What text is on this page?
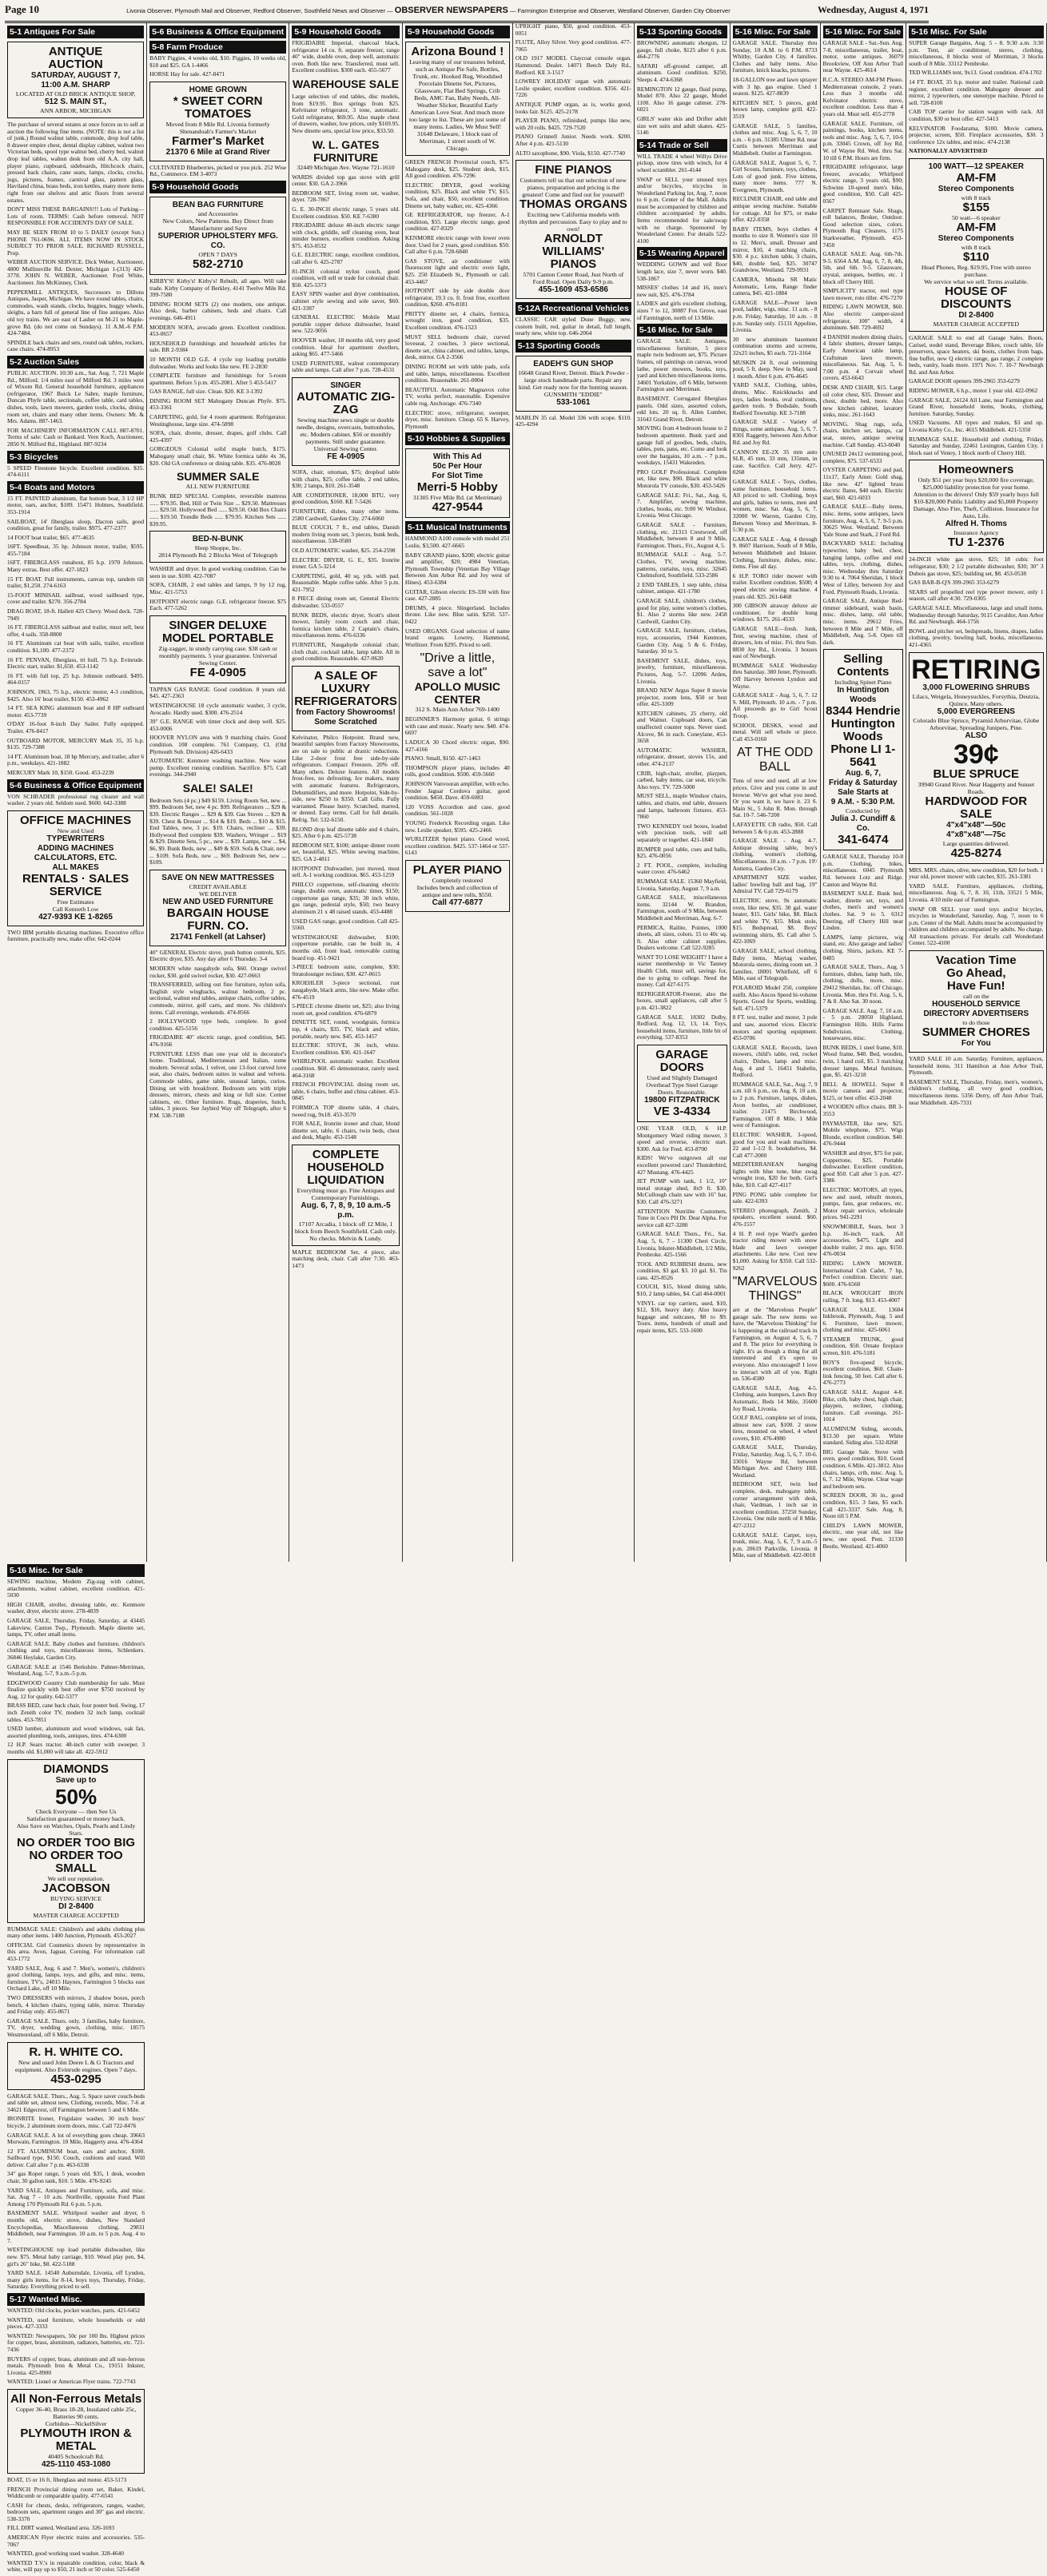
Page 10	Livonia Observer, Plymouth Mail and Observer, Redford Observer, Southfield News and Observer — OBSERVER NEWSPAPERS — Farmington Enterprise and Observer, Westland Observer, Garden City Observer	Wednesday, August 4, 1971
5-1 Antiques For Sale
ANTIQUE
AUCTION
SATURDAY, AUGUST 7,
11:00 A.M. SHARP
LOCATED AT OLD BRICK ANTIQUE SHOP,
512 S. MAIN ST.,
ANN ARBOR, MICHIGAN

The purchase of several estates at once forces us to sell at auction the following fine items. (NOTE: this is not a list of junk.) Round walnut table, commode, drop leaf table, 8 drawer empire chest, dental display cabinet, walnut two Victorian beds, spool type walnut bed, cherry bed, walnut drop leaf tables, walnut desk from old A.A. city hall, player piano, cupboard, sideboards, Hitchcock chairs, pressed back chairs, cane seats, lamps, clocks, crocks, jugs, pictures, frames, carnival glass, pattern glass, Haviland china, brass beds, iron kettles, many more items right from our shelves and attic floors from several estates.

DON'T MISS THESE BARGAINS!!! Lots of Parking—Lots of room. TERMS: Cash before removal. NOT RESPONSIBLE FOR ACCIDENTS DAY OF SALE.

MAY BE SEEN FROM 10 to 5 DAILY (except Sun.) PHONE 761-0696. ALL ITEMS NOW IN STOCK SUBJECT TO PRIOR SALE. RICHARD RUSSELL, Prop.

WEBER AUCTION SERVICE. Dick Weber, Auctioneer, 4800 Mullinsville Rd. Dexter, Michigan 1-(313) 426-3778. JOHN N. WEBER, Auctioneer. Fred White, Auctioneer. Jim McKinney, Clerk.

PEPPERMILL ANTIQUES, Successors to Dillons Antiques, Jasper, Michigan. We have round tables, chairs, commodes, wash stands, clocks, buggies, buggy wheels, sleighs, a barn full of general line of fine antiques. Also old toy trains. We are east of Lasher on M-21 to Maple-grove Rd. (do not come on Sundays). 11 A.M.-6 P.M. 424-7484.

SPINDLE back chairs and sets, round oak tables, rockers, cane chairs. 474-8953

5-2 Auction Sales

PUBLIC AUCTION. 10:30 a.m., Sat. Aug. 7, 721 Maple Rd., Milford. 1/4 miles east of Milford Rd. 3 miles west of Wixom Rd. General household furniture, appliances (refrigerator, 1967 Buick Le Sabre, maple furniture, Duncan Phyfe table, sectionals, coffee table, card tables, dishes, tools, lawn mowers, garden tools, clocks, dining room set, chairs and many other items. Owners: Mr. & Mrs. Adams. 887-1463.

FOR MACHINERY INFORMATION CALL 887-8701. Terms of sale: Cash or Bankard. Vern Koch, Auctioneer, 2850 N. Milford Rd., Highland. 887-9234

5-3 Bicycles

5 SPEED Firestone bicycle. Excellent condition. $35. 474-6111

5-4 Boats and Motors

15 FT. PAINTED aluminum, flat bottom boat, 3 1/2 HP motor, oars, anchor, $189. 15471 Holmes, Southfield. 353-1914

SAILBOAT, 14' fiberglass sloop, Dacron sails, good condition, great for family, trailer. $975. 477-2377

14 FOOT boat trailer, $65. 477-4635

16FT. Speedboat, 35 hp. Johnson motor, trailer, $595. 455-7184

16FT. FIBERGLASS runabout, 85 h.p. 1970 Johnson. Many extras. Best offer. 427-1823

15 FT. BOAT. Full instruments, canvas top, tandem tilt trailer, $1,250. 274-6163

15-FOOT MINISAIL sailboat, wood sailboard type, cover and trailer. $270. 356-2784

DRAG BOAT, 18-ft. Hallett 425 Chevy. Wood deck. 728-7949

16 FT. FIBERGLASS sailboat and trailer, must sell, best offer, 4 sails. 358-8800

16 FT. Aluminum cat boat with sails, trailer, excellent condition. $1,100. 477-2372

16 FT. PENVAN, fiberglass, tri hull, 75 h.p. Evinrude. Electric start, trailer. $1,650. 453-1142

16 FT. with full top, 25 h.p. Johnson outboard. $495. 464-0157

JOHNSON, 1963, 75 h.p., electric motor, 4-3 condition, $425. Also 16' boat trailer, $150. 453-4962

14 FT. SEA KING aluminum boat and 8 HP outboard motor. 453-7739

O'DAY 16-foot 8-inch Day Sailer. Fully equipped. Trailer. 476-8417

OUTBOARD MOTOR, MERCURY Mark 35, 35 h.p. $135. 729-7388

14 FT. Aluminum boat, 18 hp Mercury, and trailer, after 6 p.m., weekdays. 421-1882

MERCURY Mark 10, $150. Good. 453-2239

5-6 Business & Office Equipment

VON SCHRADER professional rug cleaner and wall washer. 2 years old. Seldom used. $600. 642-3388

OFFICE MACHINES
New and Used
TYPEWRITERS
ADDING MACHINES
CALCULATORS, ETC.
ALL MAKES
RENTALS · SALES
SERVICE
Free Estimates
Call Kenneth Low
427-9393 KE 1-8265

TWO IBM portable dictating machines. Executive office furniture, practically new, make offer. 642-0244

5-6 Business & Office Equipment
5-8 Farm Produce

BABY Piggies, 4 weeks old, $10. Piggies, 10 weeks old, $18 and $25. GA 1-4466

HORSE Hay for sale. 427-8471

HOME GROWN
* SWEET CORN
TOMATOES
Moved from 8 Mile Rd. Livonia formerly Shenandoah's Farmer's Market
Farmer's Market
21370 6 Mile at Grand River

CULTIVATED Blueberries, picked or you pick. 252 Wise Rd., Commerce. EM 3-4073

5-9 Household Goods
BEAN BAG FURNITURE
and Accessories
New Colors, New Patterns. Buy Direct from Manufacturer and Save
SUPERIOR UPHOLSTERY MFG. CO.
OPEN 7 DAYS
582-2710

KIRBY'S! Kirby's! Kirby's! Rebuilt, all ages. Will take trade. Kirby Company of Berkley, 4141 Twelve Mile Rd. 399-7580

DINING ROOM SETS (2) one modern, one antique. Also desk, barber cabinets, beds and chairs. Call evenings. 646-4911

MODERN SOFA, avocado green. Excellent condition. 453-0657

HOUSEHOLD furnishings and household articles for sale. BR 2-9384

10 MONTH OLD G.E. 4 cycle top loading portable dishwasher. Works and looks like new. FE 2-2830

COMPLETE furniture and furnishings for 5-room apartment. Before 5 p.m. 455-2081. After 5 453-5417

GAS RANGE, full size. Clean. $20. KE 3-1392

DINING ROOM SET Mahogany Duncan Phyfe. $75. 453-3361

CARPETING, gold, for 4 room apartment. Refrigerator. Westinghouse, large size. 474-5898

SOFA, chair, divette, dresser, drapes, golf clubs. Call 425-4397

GORGEOUS Colonial solid maple hutch, $175. Mahogany small chair, $6. White formica table 4x 36, $20. Old GA conference or dining table. $35. 476-8028

SUMMER SALE
ALL NEW FURNITURE

BUNK BED SPECIAL Complete, reversible mattress ...... $79.95. Bed, Hill or Twin Size ... $29.50. Mattresses ...... $29.50. Hollywood Bed ...... $29.50. Odd Box Chairs ...... $19.50. Trundle Beds ...... $79.95. Kitchen Sets ...... $39.95.

BED-N-BUNK
Sleep Shoppe, Inc.
2814 Plymouth Rd. 2 Blocks West of Telegraph

WASHER and dryer. In good working condition. Can be seen in use. $100. 422-7087

SOFA, CHAIR, 2 end tables and lamps, 9 by 12 rug, Misc. 421-5753

HOTPOINT electric range. G.E. refrigerator freezer. $75 Each. 477-5262

SINGER DELUXE MODEL PORTABLE
Zig-zagger, in sturdy carrying case. $38 cash or monthly payments. 5 year guarantee. Universal Sewing Center.
FE 4-0905

TAPPAN GAS RANGE. Good condition. 8 years old. $45. 427-2363

WESTINGHOUSE 18 cycle automatic washer, 3 cycle, Avocado. Hardly used. $300. 476-2514

39" G.E. RANGE with timer clock and deep well. $25. 453-0006

HOOVER NYLON area with 9 matching chairs. Good condition. 108 complete. 761 Company, Cl. (Old Plymouth Sub. Division) 426-6433

AUTOMATIC Kenmore washing machine. New water pump. Excellent running condition. Sacrifice. $75. Call evenings. 344-2940

SALE! SALE!

Bedroom Sets (4 pc.) $49 $159. Living Room Set, new ... $99. Bedroom Set, new 4 pc. $99. Refrigerators ... $29 & $39. Electric Ranges ... $29 & $39. Gas Stoves ... $29 & $39. Chest & Dresser ... $14 & $19. Beds ... $10 & $15. End Tables, new, 3 pc. $19. Chairs, recliner ... $39. Hollywood Bed complete $39. Washers, Wringer ... $19 & $29. Dinette Sets, 5 pc., new ... $39. Lamps, new ... $4, $6, $9. Bunk Beds, new ... $49 & $59. Sofa & Chair, new ... $109. Sofa Beds, new ... $69. Bedroom Set, new ... $109.

SAVE ON NEW MATTRESSES
CREDIT AVAILABLE
WE DELIVER
NEW AND USED FURNITURE
BARGAIN HOUSE FURN. CO.
21741 Fenkell (at Lahser)

40" GENERAL Electric stove, push button controls, $25. Electric dryer, $35. Any day after 6 Thursday. 3-4

MODERN white naugahyde sofa, $60. Orange swivel rocker, $30. gold swivel rocker, $30. 427-0663

TRANSFERRED, selling out fine furniture, nylon sofa, English style wingbacks, walnut bedroom, 2 pc. sectional, walnut end tables, antique chairs, coffee tables, commode, mirror, golf carts, and more. No children's items. Call evenings, weekends. 474-8566

2 HOLLYWOOD type beds, complete. In good condition. 425-5156

FRIGIDAIRE 40" electric range, good condition, $45. 476-9166

FURNITURE LESS than one year old in decorator's home. Traditional, Mediterranean and Italian, some modern. Several sofas, 1 velvet, one 13-foot curved love seat, also chairs, bedroom suites in walnut and velvets. Commode tables, game table, unusual lamps, curios. Dining set with breakfront. Bedroom sets with triple dressers, mirrors, chests and king or full size. Corner cabinets, etc. Other furniture. Rugs, draperies, hutch, tables, 3 pieces. See Jaybird Way off Telegraph, after 6 P.M. 538-7188

5-9 Household Goods

FRIGIDAIRE Imperial, charcoal black, refrigerator 14 cu. ft. separate freezer, range 40" wide, double oven, deep well, automatic oven. Both like new. Transferred, must sell. Excellent condition. $300 each. 455-5677

WAREHOUSE SALE

Large selection of end tables, disc models, from $19.95. Box springs from $25. Kelvinator refrigerator, 3 tone, automatic. Gold refrigerator, $69.95. Also maple chest of drawers, washer, low prices, only $169.95. New dinette sets, special low price, $33.50.

W. L. GATES FURNITURE
32449 Michigan Ave. Wayne 721-1610

WARDS divided top gas stove with grill center. $30. GA 2-3966

BEDROOM SET, living room set, washer, dryer. 728-7867

G. E. 30-INCH electric range, 5 years old. Excellent condition. $50. KE 7-6380

FRIGIDAIRE deluxe 40-inch electric range with clock, griddle, self cleaning oven, heat minder burners, excellent condition. Asking $75. 453-0532

G.E. ELECTRIC range, excellent condition, call after 6. 425-2787

81-INCH colonial nylon couch, good condition, will sell or trade for colonial chair. $50. 425-5373

EASY SPIN washer and dryer combination, cabinet style sewing and sole saver, $60. 421-3387

GENERAL ELECTRIC Mobile Maid portable copper deluxe dishwasher, brand new. 522-9056

HOOVER washer, 18 months old, very good condition. Ideal for apartment dwellers, asking $65. 477-5466

USED FURNITURE, walnut contemporary table and lamps. Call after 7 p.m. 728-4531

SINGER
AUTOMATIC ZIG-ZAG
Sewing machine sews single or double needle, designs, overcasts, buttonholes, etc. Modern cabinet. $56 or monthly payments. Still under guarantee. Universal Sewing Center.
FE 4-0905

SOFA, chair, ottoman, $75; dropleaf table with chairs, $25; coffee table, 2 end tables, $30; 2 lamps, $10. 261-3548

AIR CONDITIONER, 18,000 BTU, very good condition, $160. KE 7-5426

FURNITURE, dishes, many other items. 2580 Cardwell, Garden City. 274-6060

BLUE COUCH, 7 ft., end tables, Danish modern living room set, 3 pieces, bunk beds, miscellaneous. 538-0580

OLD AUTOMATIC washer, $25. 254-2598

ELECTRIC DRYER, G. E., $35. Ironrite ironer. GA 5-3214

CARPETING, gold, 40 sq. yds. with pad. Reasonable. Maple coffee table. After 5 p.m. 421-7952

8 PIECE dining room set, General Electric dishwasher. 533-0557

BUNK BEDS, electric dryer, Scott's silent mower, family room couch and chair, formica kitchen table, 2 Captain's chairs, miscellaneous items. 476-6336

FURNITURE, Naugahyde colonial chair, cloth chair, cocktail table, lamp table. All in good condition. Reasonable. 427-0620

A SALE OF LUXURY REFRIGERATORS
from Factory Showrooms! Some Scratched

Kelvinator, Philco Hotpoint. Brand new, beautiful samples from Factory Showrooms, are on sale to public at drastic reductions. Like 2-door frost free side-by-side refrigerators. Compact Freezers. 20% off. Many others. Deluxe features. All models frost-free, no defrosting. Ice makers, many with automatic features. Refrigerators, Dehumidifiers, and more. Hotpoint, Side-by-side, new $250 to $350. Call Gifts. Fully warranted. Please hurry. Scratched, marred, or dented. Easy terms. Call for full details. Refrig. Tel: 532-6150.

BLOND drop leaf dinette table and 4 chairs, $25. After 6 p.m. 425-5738

BEDROOM SET, $100; antique dinner room set, beautiful, $25. White sewing machine, $25. GA 2-4811

HOTPOINT Dishwasher, just moved, must sell. A-1 working condition. $65. 453-1259

PHILCO coppertone, self-cleaning electric range, double oven, automatic timer, $150; coppertone gas range, $35; 30 inch white, gas range, pedestal style, $50; two heavy aluminum 21 x 48 raised stands. 453-4488

USED GAS range, good condition. Call 425-5560.

WESTINGHOUSE dishwasher, $100; coppertone portable, can be built in, 4 months old, front load, removable cutting board top. 451-9421

3-PIECE bedroom suite, complete, $30; Stratolounger recliner, $30. 427-0615

KROEHLER 3-piece sectional, rust naugahyde, black arms, like new. Make offer. 476-4519

5-PIECE chrome dinette set, $25; also living room set, good condition. 476-6879

DINETTE SET, round, woodgrain, formica top, 4 chairs, $35. TV, black and white, portable, nearly new. $45. 453-1457

ELECTRIC STOVE, 36 inch, white. Excellent condition. $30. 421-1647

WHIRLPOOL automatic washer. Excellent condition. $60. 45 demonstrator, rarely used. 464-3168

FRENCH PROVINCIAL dining room set, table, 6 chairs, buffet and china cabinet. 453-0845

FORMICA TOP dinette table, 4 chairs, tweed rug, 9x18. 453-3570

FOR SALE, Ironrite ironer and chair, blond dinette set, table, 6 chairs, twin beds, chest and desk, Maple. 453-1548

COMPLETE HOUSEHOLD LIQUIDATION
Everything must go. Fine Antiques and Contemporary Furnishings.
Aug. 6, 7, 8, 9, 10 a.m.-5 p.m.
17107 Arcadia, 1 block off 12 Mile, 1 block from Beech Southfield. Cash only. No checks. Melvin & Lundy.

MAPLE BEDROOM Set, 4 piece, also matching desk, chair. Call after 7:30. 463-1473

5-9 Household Goods
Arizona Bound !
Leaving many of our treasures behind, such as Antique Pie Safe, Bottles, Trunk, etc. Hooked Rug, Woodshed Porcelain Dinette Set, Pictures, Glassware, Flat Bed Springs, Crib Beds, AMC Fan, Baby Needs, All-Weather Slicker, Beautiful Early American Love Seat. And much more too large to list. These are just some of many items. Ladies, We Must Sell! 31648 Delaware, 1 block east of Merriman, 1 street south of W. Chicago.

GREEN FRENCH Provincial couch, $75. Mahogany desk, $25. Student desk, $15. All good condition. 476-7296

ELECTRIC DRYER, good working condition, $25. Black and white TV, $15. Sofa, and chair, $50, excellent condition. Dinette set, baby walker, etc. 425-4366

GE REFRIGERATOR, top freezer, A-1 condition, $55. Large electric range, good condition. 427-8329

KENMORE electric range with lower oven door. Used for 2 years, good condition. $50. Call after 6 p.m. 728-6840

GAS STOVE, air conditioner with fluorescent light and electric oven light, $25. 250 Elizabeth St., Plymouth or call. 453-4467

HOTPOINT side by side double door refrigerator, 19.3 cu. ft. frost free, excellent condition, $260. 476-8181

PRITTY dinette set, 4 chairs, formica, wrought iron, good condition, $35. Excellent condition. 476-1523

MUST SELL bedroom chair, curved loveseat, 2 couches, 3 piece sectional, dinette set, china cabinet, end tables, lamps, desk, mirror. GA 2-3566

DINING ROOM set with table pads, sofa and table, lamps, miscellaneous. Excellent condition. Reasonable. 261-0004

BEAUTIFUL Automatic Magnavox color TV, works perfect, reasonable. Expensive cable rug, Anchorage. 476-7340

ELECTRIC stove, refrigerator, sweeper, dryer, misc. furniture. Cheap. 65 S. Harvey, Plymouth

5-10 Hobbies & Supplies
With This Ad
50c Per Hour
For Slot Time
Merri-5 Hobby
31305 Five Mile Rd. (at Merriman)
427-9544
5-11 Musical Instruments

HAMMOND A100 console with model 251 Leslie, $3,500. 427-6665

BABY GRAND piano, $200; electric guitar and amplifier, $20; 4984 Venetian, Plymouth Township (Venetian Bay Village Between Ann Arbor Rd. and Joy west of Hines). 453-6384

GUITAR, Gibson electric ES-330 with fine case. 427-2885

DRUMS, 4 piece. Slingerland. Includes throne. Like new. Blue satin. $250. 537-0422

USED ORGANS. Good selection of name brand organs. Lowrey, Hammond, Wurlitzer. From $295. Priced to sell.

"Drive a little, save a lot"
APOLLO MUSIC CENTER
312 S. Main Ann Arbor 769-1400

BEGINNER'S Harmony guitar, 6 strings with case and music. Nearly new. $40. 474-6697

LADUCA 30 Chord electric organ, $90. 427-4166

PIANO. Small, $150. 427-1463

THOMPSON player piano, includes 40 rolls, good condition. $500. 459-5660

JOHNSON Vanvooran amplifier, with echo. Fender Jaguar Cordova guitar, good condition. $450. Dave. 459-6083

120 VOSS Accordion and case, good condition. 561-1028

YOUNG Frederick Recording organ. Like new. Leslie speaker, $595. 425-2466

WURLITZER Spinet piano. Good wood, excellent condition. $425. 537-1464 or 537-6143

PLAYER PIANO
Completely restored
Includes bench and collection of antique and new rolls, $550.
Call 477-6877

UPRIGHT piano, $50, good condition. 453-0051

FLUTE, Alloy Silver. Very good condition. 477-7065

OLD 1917 MODEL Claycoat console organ. Hammond. Dealer. 14071 Beech Daly Rd., Redford. KE 3-1517

LOWREY HOLIDAY organ with automatic Leslie speaker, excellent condition. $356. 421-7226

ANTIQUE PUMP organ, as is, works good, looks fair. $125. 425-2178

PLAYER PIANO, refinished, pumps like new, with 20 rolls. $425. 729-7520

PIANO Grinnell Junior. Needs work. $200. After 4 p.m. 421-5130

ALTO saxophone, $90. Viola, $150. 427-7740

FINE PIANOS
Customers tell us that our selection of new pianos, preparation and pricing is the greatest! Come and find out for yourself!
THOMAS ORGANS
Exciting new California models with rhythm and percussion. Easy to play and to own!
ARNOLDT WILLIAMS' PIANOS
5701 Canton Center Road, Just North of Ford Road. Open Daily 9-9 p.m.
455-1609 453-6586
5-12A Recreational Vehicles

CLASSIC CAR styled Dune Buggy, new, custom built, red, guitar in detail, full length, nearly new, white top. 646-2064

5-13 Sporting Goods
EADEH'S GUN SHOP
16648 Grand River, Detroit. Black Powder - large stock handmade parts. Repair any kind. Get ready now for the hunting season.
GUNSMITH "EDDIE"
533-1061

MARLIN 35 cal. Model 336 with scope. $110. 425-4294

5-13 Sporting Goods

BROWNING automatic shotgun, 12 gauge, full choke, $125 after 6 p.m. 464-2776

SAFARI off-ground camper, all aluminum. Good condition. $250, Sleeps 4. 474-6368

REMINGTON 12 gauge, fluid pump, Model 870. Also 22 gauge, Model 1100. Also 16 gauge cabinet. 278-6021

GIRLS' water skis and Drifter adult size wet suits and adult skates. 425-5146

5-14 Trade or Sell

WILL TRADE 4 wheel Willys Drive pickup, snow tires with winch, for 4 wheel scrambler. 261-4144

SWAP or SELL your unused toys and/or bicycles, tricycles in Wonderland Parking lot, Aug. 7, noon to 6 p.m. Center of the Mall. Adults must be accompanied by children and children accompanied by adults. Items recommended for sale/swap with no charge. Sponsored by Wonderland Center. For details 522-4100

5-15 Wearing Apparel

WEDDING GOWN and veil floor length lace, size 7, never worn. $40. 538-1867

MISSES' clothes 14 and 16, men's new suit, $25. 476-3784

LADIES and girls excellent clothing, sizes 7 to 12, 30087 Fox Grove, east of Farmington, north of 13 Mile.

5-16 Misc. for Sale

GARAGE SALE: Antiques, miscellaneous furniture, 5 piece maple twin bedroom set, $75. Picture frames, oil paintings on canvas, wood lathe, power mowers, books, toys, yard and kitchen miscellaneous items. 34601 Yorkshire, off 6 Mile, between Farmington and Merriman.

BASEMENT. Corrugated fiberglass panels. Odd sizes, assorted colors, odd lots. 20 sq. ft. Allen Lumber, 31643 Grand River, Detroit.

MOVING from 4 bedroom house to 2 bedroom apartment. Bunk yard and garage full of goodies, beds, chairs, tables, pots, pans, etc. Come and look over the bargains, 10 a.m. - 7 p.m., weekdays, 15431 Wakenden.

PRO GOLF Professional. Complete set, like new, $90. Black and white Motorola TV console, $30. 453-5426

GARAGE SALE: Fri., Sat., Aug. 6, 7. Amplifier, sewing machine, clothes, books, etc. 9:00 W. Windsor, Livonia. West Chicago.

GARAGE SALE - Furniture, clothing, etc. 21313 Crestwood, off Middlebelt, between 8 and 9 Mile, Farmington. Thurs., Fri., August 4, 5.

RUMMAGE SALE - Aug. 5-7. Clothes, TV, sewing machine, patterns, curtains, toys, misc. 32645 Chelmsford, Southfield. 533-2586

2 END TABLES, 1 step table, china cabinet, antique. 421-1780

GARAGE SALE, children's clothes, good for play, some women's clothes, $1. Also 2 storms like new. 2458 Cardwell, Garden City.

GARAGE SALE, furniture, clothes, toys, accessories, 1944 Kenmore, Garden City. Aug. 5 & 6. Friday, Saturday. 10 to 5.

BASEMENT SALE, dishes, toys, jewelry, furniture, miscellaneous. Pictures, Aug. 5-7. 12096 Arden, Livonia.

BRAND NEW Argus Super 8 movie projector, zoom lens, $50 or best offer. 425-3309

KITCHEN cabinets, 25 cherry, old and Walnut. Cupboard doors, Can unaffected counter tops. Never used. Alcove, $6 in each. Coneylane, 453-3658

AUTOMATIC WASHER, refrigerator, dresser, stoves 15x, and other. 474-2137

CRIB, high-chair, stroller, playpen, carbed, baby items, car seat, tricycle. Also toys. TV. 729-5000

MUST SELL, maple Windsor chairs, tables, and chairs, end table, dressers and lamps, bathroom fixtures. 453-7860

TWO KENNEDY tool boxes, loaded with precision tools, will sell separately or together. 421-1840

BUMPER pool table, cues and balls, $25. 476-0056

2 FT. POOL, complete, including water cover. 476-6462

RUMMAGE SALE. 15360 Mayfield, Livonia, Saturday, August 7, 9 a.m.

GARAGE SALE, miscellaneous items. 32144 W. Brandon, Farmington, south of 9 Mile, between Middlebelt and Merriman, Aug. 6-7.

PERMICA, Railite, Pointes, 1000 sheets, all sizes, colors. 15 to 40c sq. ft. Also other cabinet supplies. Dealers welcome. Call 522-9285

WANT TO LOSE WEIGHT? I have a starter membership in Vic Tanney Health Club, must sell, savings for, due to going to college. Need the money. Call 427-6175

REFRIGERATOR-Freezer, also the boxes, small appliances, call after 5 p.m. 421-3822

GARAGE SALE. 18302 Dolby, Redford, Aug. 12, 13, 14. Toys, household items, furniture, little bit of everything. 537-8353

GARAGE DOORS
Used and Slightly Damaged Overhead Type Steel Garage Doors. Reasonable.
19800 FITZPATRICK
VE 3-4334

ONE YEAR OLD, 6 H.P. Montgomery Ward riding mower, 3 speed and reverse, electric start. $300. Ask for Fred. 453-8700

KIDS! We've outgrown all our excellent powered cars! Thunderbird, 427 Mustang. 476-4425

JET PUMP with tank, 1 1/2, 10" metal storage shed, 8x9 ft. $30. McCullough chain saw with 16" bar, $30. Call 476-3271

ATTENTION Nutrilite Customers. Tune in Coco PH Dr. Dear Alpha. For service call 427-3280

GARAGE SALE Thurs., Fri., Sat. Aug. 5, 6, 7 - 11300 Cheri Circle, Livonia, Inkster-Middlebelt, 1/2 Mile, Pembroke. 425-1566

TOOL AND RUBBISH drums, new condition, $3 gal. $3. 10 gal. $1. Tin cans. 425-8526

COUCH, $15, blond dining table, $10, 2 lamp tables, $4. Call 464-0001

VINYL car top carriers, used, $10, $12, $16, heavy duty. Also heavy luggage and suitcases, $8 to $9. Tours. items, hundreds of small and repair items, $25. 533-1600

5-16 Misc. For Sale

GARAGE SALE. Thursday thru Sunday, 10 A.M. to 6 P.M. 8733 Whitby, Garden City. 4 families. Clothes and baby items. Also furniture, knick knacks, pictures.

18-GALLON tree and lawn sprayer with 3 hp. gas engine. Used 1 season. $125. 427-8839

KITCHEN SET, 5 pieces, gold brown lamp, complete grill. 422-3519

GARAGE SALE, 5 families, clothes and misc. Aug. 5, 6, 7, 10 a.m. - 6 p.m. 31385 Ulmer Rd. near Curtis between Merriman and Middlebelt. Outlet at Farmington.

GARAGE SALE, August 5, 6, 7. Girl Scouts, furniture, toys, clothes, Lots of good junk. Five kittens, many more items. 777 N. Evergreen, Plymouth.

RECLINER CHAIR, end table and antique sewing machine. Suitable for cottage. All for $75, or make offer. 422-0358

BABY ITEMS, boys clothes 4 months to size 8. Women's size 10 to 12. Men's, small. Dresser and mirror, $10, 4 matching chairs, $30. 4 p.c. kitchen table, 3 chairs, $40, double bed, $25. 30747 Grandview, Westland. 729-9931

CAMERA, Minolta SR Matic Automatic, Lens, Range finder camera, $45. 421-1884

GARAGE SALE—Power lawn pool, ladder, wigs, misc. 11 a.m. - 8 p.m. Friday, Saturday, 10 a.m. - 8 p.m. Sunday only. 15131 Appoline, Livonia.

30 new aluminum basement combination storms and screens, 32x25 inches, $5 each. 721-3164

MUSKIN 24 ft. oval swimming pool, 5 ft. deep. New in May, used 1 month. After 6 p.m. 476-4645

YARD SALE, Clothing, tables, drums, Misc. Knickknacks and toys, ladies books, oval cushions, garden tools. 9 Bedsdale, South Redford Township. KE 3-7188

GARAGE SALE - Variety of things, some antiques. Aug. 5, 6, 7. 8301 Raggerty, between Ann Arbor Rd. and Joy Rd.

CANNON EE-2X 35 mm auto SLR, 45 mm, 33 mm, 135mm, in case. Sacrifice. Call Jerry. 427-0268

GARAGE SALE - Toys, clothes, some furniture, household items. All priced to sell. Clothing, boys and girls, babies to teens, men and women, misc. Sat. Aug. 5, 6, 7. 32000 W. Warren, Garden City. Between Venoy and Merriman, 8-5:30 p.m.

GARAGE SALE - Aug. 4 through 9. 8607 Harrison, South of 8 Mile, between Middlebelt and Inkster. Clothing, furniture, dishes, misc. items. Fine all day.

6 H.P. TORO rider mower with trailer. Excellent condition. $500; 4 speed electric sewing machine. 4 years old. $25. 261-6468

300 GIBSON airaway deluxe air conditioner, for double hung windows. $175. 261-4533

GARAGE SALE—fresh. Junk, Tent, sewing machine, chest of drawers, lots of misc. Fri. thru Sun. 8830 Joy Rd., Livonia. 3 houses east of Newburgh.

RUMMAGE SALE Wednesday thru Saturday. 380 Jener, Plymouth. Off Harvey between Lyndon and Wayne.

GARAGE SALE - Aug. 5, 6, 7. 12 S. Mill, Plymouth. 10 a.m. - 7 p.m. All proceeds go to Girl Scout Troop.

SCHOOL DESKS, wood and metal. Will sell whole or piece. Call 453-0160

AT THE ODD BALL

Tons of new and used, all at low prices. Give and you come in and browse. We've got what you need. Or you want it, we have it. 23 S. Main St., 5 John R. Mon. through Sat. 10-7. 546-7200

LAFAYETTE CB radio, $50. Call between 5 & 6 p.m. 453-2888

GARAGE SALE - Aug. 4-7. Antique dressing table, boy's clothing, women's clothing, Miscellaneous. 10 a.m. - 7 p.m. 19'/ Antietra, Garden City.

APARTMENT SIZE washer, ladies' bowling ball and bag, 19" Admiral TV. Call 729-6179

ELECTRIC stove, 9x automatic oven, like new, $35. 30 gal. water heater, $15. Girls' bike, $8. Black and white TV, $15. Mink stole, $15. Bedspread, $8. Boys' swimming shirts, $5. Call after 5. 422-1069

GARAGE SALE, school clothing, Baby items, Maytag washer, Motorola stereo, dining room set. 3 families. 18001 Whitfield, off 6 Mile, east of Telegraph.

POLAROID Model 250, complete outfit. Also Ancos Speed hi-volume Sports. Good for Sports, wedding. Sell. 471-5379

8 FT. test, trailer and motor, 3 pole and saw, assorted vices. Electric motors and sporting equipment. 453-0706

GARAGE SALE. Records, lawn mowers, child's table, red, rocket chairs, Dishes, lamp and misc. Aug. 4 and 5. 16451 Stahelin, Redford.

RUMMAGE SALE, Sat., Aug. 7, 9 a.m. till 6 p.m., on Aug. 8, 10 a.m. to 2 p.m. Furniture, lamps, dishes, Avon bottles, air conditioner, trailer. 21475 Birchwood, Farmington. Off 8 Mile, 1 Mile west of Farmington.

ELECTRIC WASHER, 3-speed, good for you and wash machines. 22 and 1-1/2 ft. bookshelves, $4. Call 477-2000

MEDITERRANEAN hanging lights with blue tone, blue swag wrought iron, $20 for both. Girl's bike, $10. Call 427-4117

PING PONG table complete for sale. 422-6393

STEREO phonograph, Zenith, 2 speakers, excellent sound. $60. 476-1557

4 H. P. reel type Ward's garden tractor riding mower with snow blade and lawn sweeper attachments. Like new. Cost new $1,000. Asking for $350. Call 532-9262

"MARVELOUS THINGS"

are at the "Marvelous People" garage sale. The new items we have, the "Marvelous Thinking" for is happening at the railroad track in Farmington, on August 4, 5, 6, 7 and 8. The price for everything is right. It's as though a thing for all interested and it's open to everyone. Also encouraged! I love to interact with all of you. Right on. 536-4580

GARAGE SALE, Aug. 4-5. Clothing, auto bumpers, Lawn Boy Automatic, Beds 14 Mile, 35600 Joy Road, Livonia.

GOLF BAG, complete set of irons, almost new cart, $100. 2 snow tires, mounted on wheel, 4 wheel covers, $10. 476-4980

GARAGE SALE, Thursday, Friday, Saturday, Aug. 5, 6, 7. 10-6. 33016 Wayne Rd, between Michigan Ave. and Cherry Hill. Westland.

BEDROOM SET, twin bed complete, desk, mahogany table, corner arrangement with desk, chair, Vardman, 1 inch sat in excellent condition. 37250 Sunday, Livonia. One mile north of 8 Mile. 427-2312

GARAGE SALE. Carpet, toys, trunk, misc. Aug. 5, 6, 7, 9 a.m.-5 p.m. 20619 Parkville, Livonia. 8 Mile, east of Middlebelt. 422-0018

5-16 Misc. For Sale

GARAGE SALE - Sat.-Sun. Aug. 7-8, miscellaneous, trailer, boat, motor, some antiques. 36079 Brookview, Off Ann Arbor Trail near Wayne. 425-4614

R.C.A. STEREO AM-FM Phono. Mediterranean console, 2 years. Less than 3 months old. Kelvinator electric stove, excellent condition. Less than 4 years old. Must sell. 455-2778

GARAGE SALE. Furniture, oil paintings, books, kitchen items, tools and misc. Aug. 5, 6, 7, 10-6 p.m. 33045 Crown, off Joy Rd. W. of Wayne Rd. Wed. thru Sat. 10 till 6 P.M. Hours are firm.

FRIGIDAIRE refrigerator, large freezer, avocado; Whirlpool electric range, 3 years old, $90; Schwinn 10-speed men's bike, good condition, $50. Call 425-0567

CARPET Remnant Sale. Shags, roll balances, Broker, Outdoor. Good selection sizes, colors. Plymouth Rug Cleaners, 1175 Starkweather, Plymouth. 453-7450

GARAGE SALE: Aug. 6th-7th. 9-5. 6564 A.M. Aug. 6, 7, 8, 4th, 5th, and 6th. 9-5. Glassware, crystal, antiques, bottles, etc. 1 block off Cherry Hill.

SIMPLICITY tractor, reel type lawn mower, roto tiller. 476-7270

RIDING LAWN MOWER, $60. Also electric camper-sized refrigerator, 100" width, 4 aluminum. $40. 729-4692

4 DANISH modern dining chairs, 4 fabric shutters, dresser lamps, Early American table lamp, Craftsman lawn mower, miscellaneous. Sat. Aug. 5, 6. 7:00 p.m. 4 Corvair wheel covers. 453-6643

DESK AND CHAIR, $15. Large oil color chest, $35. Dresser and chest, double bed, more. Also new kitchen cabinet, lavatory sinks, misc. 261-1643

MOVING. Shag rugs, sofa, chairs, kitchen set, lamps, car seat, stereo, antique sewing machine. Call Sunday. 453-6040

UNUSED 24x12 swimming pool, complete, $75. 537-6533

OYSTER CARPETING and pad, 11x17, Early Amer. Gold shag, like new. 42" lighted brass electric flame, $40 each. Electric start, $60. 421-6033

GARAGE SALE—Baby items, misc. items, some antiques, lawn furniture, Aug. 4, 5, 6, 7. 9-5 p.m. 30625 West. Westland. Between Yale Stone and Stark, 2 Ford Rd.

BACKYARD SALE: Including typewriter, baby bed, chest, hanging lamps, coffee and end tables, toys, clothing, dishes, misc. Wednesday thru Saturday 9:30 to 4. 7064 Sheridan, 1 block West of Lilley, between Joy and Ford. Plymouth Roads, Livonia.

GARAGE SALE, Antique Red-rimmer sideboard, wash basin, misc. dishes, lamp, old table, misc. items. 29612 Fries, between 8 Mile and 7 Mile, off Middlebelt, Aug. 5-8. Open till dark.

Selling Contents
Including Spinet Piano
In Huntington Woods
8344 Hendrie
Huntington Woods
Phone LI 1-5641
Aug. 6, 7,
Friday & Saturday
Sale Starts at
9 A.M. - 5:30 P.M.
Conducted by
Julia J. Cundiff & Co.
341-6474

GARAGE SALE, Thursday 10-8 p.m. Clothing, bikes, miscellaneous. 6045 Plymouth Rd. between Lotz and Ridge. Canton and Wayne Rd.

BASEMENT SALE. Bunk bed, washer, dinette set, toys, and clothes, men's and women's clothes. Sat. 9 to 5. 6312 Deering, off Cherry Hill near Linden.

LAMPS, lamp pictures, wig stand, etc. Also garage and ladies' clothing. Shirts, jackets. KE 7-0485

GARAGE SALE, Thurs., Aug. 5 furniture, dishes, lamp bath, tile, clothing, dolls, more, misc. 29412 Sheridan, Inc. off Chicago, Livonia. Mon. thru Fri. Aug. 5, 6, 7 & 8. Also Sat. 30 noon.

GARAGE SALE. Aug. 7, 10 a.m. - 5 p.m. 28050 Highland, Farmington Hills. Hills Farms Subdivision. Clothing, housewares, misc.

BUNK BEDS, 1 steel frame, $10. Wood frame, $40. Bed, wooden, twin, 1 hand coil, $5. 3 matching dresser lamps. Metal furniture, gun, $5. 421-3218

BELL & HOWELL Super 8 movie camera and projector, $125, or best offer. 453-2048

4 WOODEN office chairs. BR 3-3553

PAYMASTER, like new, $25. Mobile telephone, $75. Wigs Blonde, excellent condition. $40. 476-9444

WASHER and dryer, $75 for pair, Coppertone, $25. Portable dishwasher. Excellent condition, good $50. Call after 5 p.m. 427-3386

ELECTRIC MOTORS, all types, new and used, rebuilt motors, pumps, fans, gear reducers, etc. Motor repair service, wholesale prices. 941-2291

SNOWMOBILE, Sears, best 3 h.p. 16-inch track. All accessories. $475. Light and double trailer, 2 mo. ago, $150. 476-0034

RIDING LAWN MOWER. International Cub Cadet, 7 hp, Perfect condition. Electric start. $600. 476-6560

BLACK WROUGHT IRON railing, 7 ft. long. $13. 453-4007

GARAGE SALE. 13604 Inkbrook, Plymouth, Aug. 5 and 6. Furniture, lawn mower, clothing and misc. 425-6061

STEAMER TRUNK, good condition, $50. Ornate fireplace screen, $10. 476-5181

BOY'S five-speed bicycle, excellent condition, $60. Chain-link fencing, 50 feet. Call after 6. 476-2773

GARAGE SALE. August 4-8. Bike, crib, baby chest, high chair, playpen, recliner, clothing, furniture. Call evenings. 261-1014

ALUMINUM Siding, seconds, $13.50 per square. White standard. Siding also. 532-8268

BIG Garage Sale. Stove with oven, good condition, $10. Good condition. 6 Mile. 421-3812. Also chairs, lamps, crib, misc. Aug. 5, 6, 7. 12 Mile, Wayne. Clear wage and bedroom sets.

SCREEN DOOR, 36 in., good condition, $15. 3 fans, $5 each. Call 421-3337. Sale. Aug. 8, Noon till 5 P.M.

CHILD'S LAWN MOWER, electric, one year old, not like new, one speed. Pent. 31330 Bestle, Westland. 421-4060

5-16 Misc. For Sale

SUPER Garage Bargains, Aug. 5 - 8. 9:30 a.m. 3:30 p.m. Tent, air conditioner, stereo, clothing, miscellaneous, 8 blocks west of Merriman, 3 blocks south of 8 Mile. 33112 Pembroke.

TED WILLIAMS tent, 9x13. Good condition. 474-1702

14 FT. BOAT, 35 h.p. motor and trailer. National cash register, excellent condition. Mahogany dresser and mirror, 2 typewriters, one stenotype machine. Priced to sell. 728-8100

CAB TOP carrier for station wagon with rack. All condition, $30 or best offer. 427-5413

KELVINATOR Foodarama, $100. Movie camera, projector, screen, $50. Fireplace accessories, $30. 3 conference 12x tables, and misc. 474-2138

NATIONALLY ADVERTISED

100 WATT—12 SPEAKER
AM-FM
Stereo Components
with 8 track
$155
50 watt—6 speaker
AM-FM
Stereo Components
with 8 track
$110
Head Phones, Reg. $19.95, Free with stereo purchase.
We service what we sell. Terms available.
HOUSE OF DISCOUNTS
DI 2-8400
MASTER CHARGE ACCEPTED

GARAGE SALE to end all Garage Sales. Boots, Carisel, nodel stand, Beverage Bikes, couch table, life preservers, space heaters, ski boots, clothes from bags, fine buffet, new Q electric range, gas range, 2 complete beds, vanity, loads more. 1971 Nov. 7. 10-7 Newburgh Rd. and Ann Arbor.

GARAGE DOOR openers 399-2965 353-6279

RIDING MOWER, 6 h.p., motor 1 year old. 422-0962

GARAGE SALE, 24124 All Lane, near Farmington and Grand River, household items, books, clothing, furniture. Saturday, Sunday.

USED Vacuums. All types and makes, $3 and up. Livonia Kirby Co., Inc. 4615 Middlebelt. 421-5350

RUMMAGE SALE. Household and clothing, Friday, Saturday and Sunday, 22461 Lexington, Garden City. 1 block east of Venoy, 1 block north of Cherry Hill.

Homeowners
Only $51 per year buys $20,000 fire coverage, $25,000 liability protection for your home. Attention to the drivers! Only $59 yearly buys full $10-$20,000 Public Liability and $5,000 Property Damage, Also Fire, Theft, Collision. Insurance for Auto, Life.
Alfred H. Thoms
Insurance Agency
TU 1-2376

24-INCH white gas stove, $25; 18 cubic foot refrigerator, $30; 2 1/2 portable dishwasher, $30; 30" 3 Dubois gas stove, $25; building set, $8. 453-0538

GAS BAR-B-Q'S 399-2965 353-6279

SEARS self propelled reel type power mower, only 1 season, call after 4:30. 729-0305

GARAGE SALE. Miscellaneous, large and small items. Wednesday through Saturday, 9115 Cavaldor, Ann Arbor Rd. and Newburgh. 464-1756

BOWL and pitcher set, bedspreads, linens, drapes, ladies clothing, jewelry, bowling ball, books, miscellaneous. 421-4365

RETIRING
3,000 FLOWERING SHRUBS
Lilacs, Weigela, Honeysuckles, Forsythia, Deutzia, Quince, Many others.
5,000 EVERGREENS
Colorado Blue Spruce, Pyramid Arborvitae, Globe Arborvitae, Spreading Junipers, Pine.
ALSO
39¢
BLUE SPRUCE
39940 Grand River. Near Haggerty and Sunset Roads.
HARDWOOD FOR SALE
4"x4"x48"—50c
4"x8"x48"—75c
Large quantities delivered.
425-8274

MRS. MRS. chairs, olive, new condition, $20 for both. 1 year old, power mower with catcher, $35. 261-3381

YARD SALE. Furniture, appliances, clothing, miscellaneous. Aug. 6, 7, 8. 10, 11th, 33521 5 Mile, Livonia. 4/10 mile east of Farmington.

SWAP OR SELL your used toys and/or bicycles, tricycles in Wonderland, Saturday, Aug. 7, noon to 6 p.m. Center of the Mall. Adults must be accompanied by children and children accompanied by adults. No charge. All transactions private. For details call Wonderland Center. 522-4100

Vacation Time
Go Ahead,
Have Fun!
call on the
HOUSEHOLD SERVICE DIRECTORY ADVERTISERS
to do those
SUMMER CHORES
For You

YARD SALE 10 a.m. Saturday. Furniture, appliances, household items. 311 Hamilton at Ann Arbor Trail, Plymouth.

BASEMENT SALE, Thursday, Friday, men's, women's, children's clothing, all very good condition, miscellaneous items. 5356 Derry, off Ann Arbor Trail, near Middlebelt. 426-7331

5-16 Misc. for Sale

SEWING machine, Modern Zig-zag with cabinet, attachments, walnut cabinet, excellent condition. 421-5030

HIGH CHAIR, stroller, dressing table, etc. Kenmore washer, dryer, electric stove. 278-4839

GARAGE SALE, Thursday, Friday, Saturday, at 43445 Lakeview, Canton Twp., Plymouth. Maple dinette set, lamps, TV, other small items.

GARAGE SALE. Baby clothes and furniture, children's clothing and toys, miscellaneous items, Schlenkers. 36846 Hoylake, Garden City.

GARAGE SALE at 1546 Berkshire. Palmer-Merriman, Westland, Aug. 5-7, 9 a.m.-5 p.m.

EDGEWOOD Country Club membership for sale. Must finalize quickly with best offer over $750 received by Aug. 12 for quality. 642-5377

BRASS BED, cane back chair, four poster bed. Swing, 17 inch Zenith color TV, modern 32 inch lamp, cocktail tables. 453-7851

USED lumber, aluminum and wood windows, oak fan, assorted plumbing, tools, antiques, tires. 474-6300

12 H.P. Sears tractor. 48-inch cutter with sweeper. 3 months old. $1,000 will take all. 422-5912

DIAMONDS
Save up to
50%
Check Everyone — then See Us
Satisfaction guaranteed or money back.
Also Save on Watches, Opals, Pearls and Lindy Stars.
NO ORDER TOO BIG
NO ORDER TOO SMALL
We sell our reputation.
JACOBSON
BUYING SERVICE
DI 2-8400
MASTER CHARGE ACCEPTED

RUMMAGE SALE: Children's and adults clothing plus many other items. 1400 Junction, Plymouth. 453-2027

OFFICIAL Girl Cosmetics shown by representative in this area. Avon, Jaguar, Corning. For information call 453-1772

YARD SALE, Aug. 6 and 7. Men's, women's, children's good clothing, lamps, toys, and gifts, and misc. items, furniture, TV's, 24015 Haynes, Farmington 5 blocks east Orchard Lake, off 10 Mile.

TWO DRESSERS with mirrors, 2 shadow boxes, porch bench, 4 kitchen chairs, typing table, mirror. Thursday and Friday only. 455-0671

GARAGE SALE. Thurs. only. 3 families, baby furniture, TV, dryer, wedding gown, clothing, misc. 18575 Westmoreland, off 6 Mile, Detroit.

R. H. WHITE CO.
New and used John Deere L & G Tractors and equipment. Also Evinrude engines. Open 7 days.
453-0295

GARAGE SALE. Thurs., Aug. 5. Space saver couch-beds and table set, almost new, Clothing, records, Misc. 7-6 at 34621 Edgecrest, off Farmington between 5 and 6 Mile.

IRONRITE Ironer, Frigidaire washer, 30 inch boys' bicycle, 2 aluminum storm doors, misc. Call 722-8476

GARAGE SALE. A lot of everything goes cheap. 39663 Morwain, Farmington. 10 Mile, Haggerty area. 476-4364

12 FT. ALUMINUM boat, oars and anchor, $100. Sailboard type, $150. Couch, cushions and stand. Will deliver. Call after 7 p.m. 463-6338

34" gas Roper range, 5 years old. $35, 1 desk, wooden chair, 30 gallon tank, $10. 5 Mile. 476-9245

YARD SALE, Antiques and Furniture, sofa, and misc. Sat. Aug 7 - 10 a.m. Northville, opposite Ford Plant Among 170 Plymouth Rd. 6 p.m. 5 p.m.

BASEMENT SALE. Whirlpool washer and dryer, 6 months old, electric stove, dishes, New Standard Encyclopedias, Miscellaneous clothing. 29831 Middlebelt, near Farmington. 10 a.m. to 5 p.m. Aug. 4 to 7.

WESTINGHOUSE top load portable dishwasher, like new. $75. Metal baby carriage, $10. Wood play pen, $4, girl's 26" bike, $8. 422-5188

YARD SALE. 14540 Auburndale, Livonia, off Lyndon, many girls items, for 8-14, boys toys, Thursday, Friday, Saturday. Everything priced to sell.

5-17 Wanted Misc.

WANTED: Old clocks, pocket watches, parts. 421-6452

WANTED, used furniture, whole households or odd pieces. 427-3333

WANTED: Newspapers, 50c per 100 lbs. Highest prices for copper, brass, aluminum, radiators, batteries, etc. 721-7436

BUYERS of copper, brass, aluminum and all non-ferrous metals. Plymouth Iron & Metal Co., 19151 Inkster, Livonia. 425-8900

WANTED: Lionel or American Flyer trains. 722-7743

All Non-Ferrous Metals
Copper 36-40, Brass 18-28, Insulated cable 25c, Batteries 90 cents.
Corbidon—NickelSilver
PLYMOUTH IRON & METAL
40405 Schoolcraft Rd.
425-1110 453-1080

BOAT, 15 or 16 ft. fiberglass and motor. 453-5173

FRENCH Provincial dining room set, Baker, Kindel, Widdicomb or comparable quality. 477-6541

CASH for chests, desks, refrigerators, ranges, washer, bedroom sets, apartment ranges and 30" gas and electric. 538-3370

FILL DIRT wanted, Westland area. 326-1693

AMERICAN Flyer electric trains and accessories. 535-7067

WANTED, good working used washer. 328-4640

WANTED T.V.'s in repairable condition, color, black & white, will pay up to $50, 21 inch or 50 color. 525-6450
